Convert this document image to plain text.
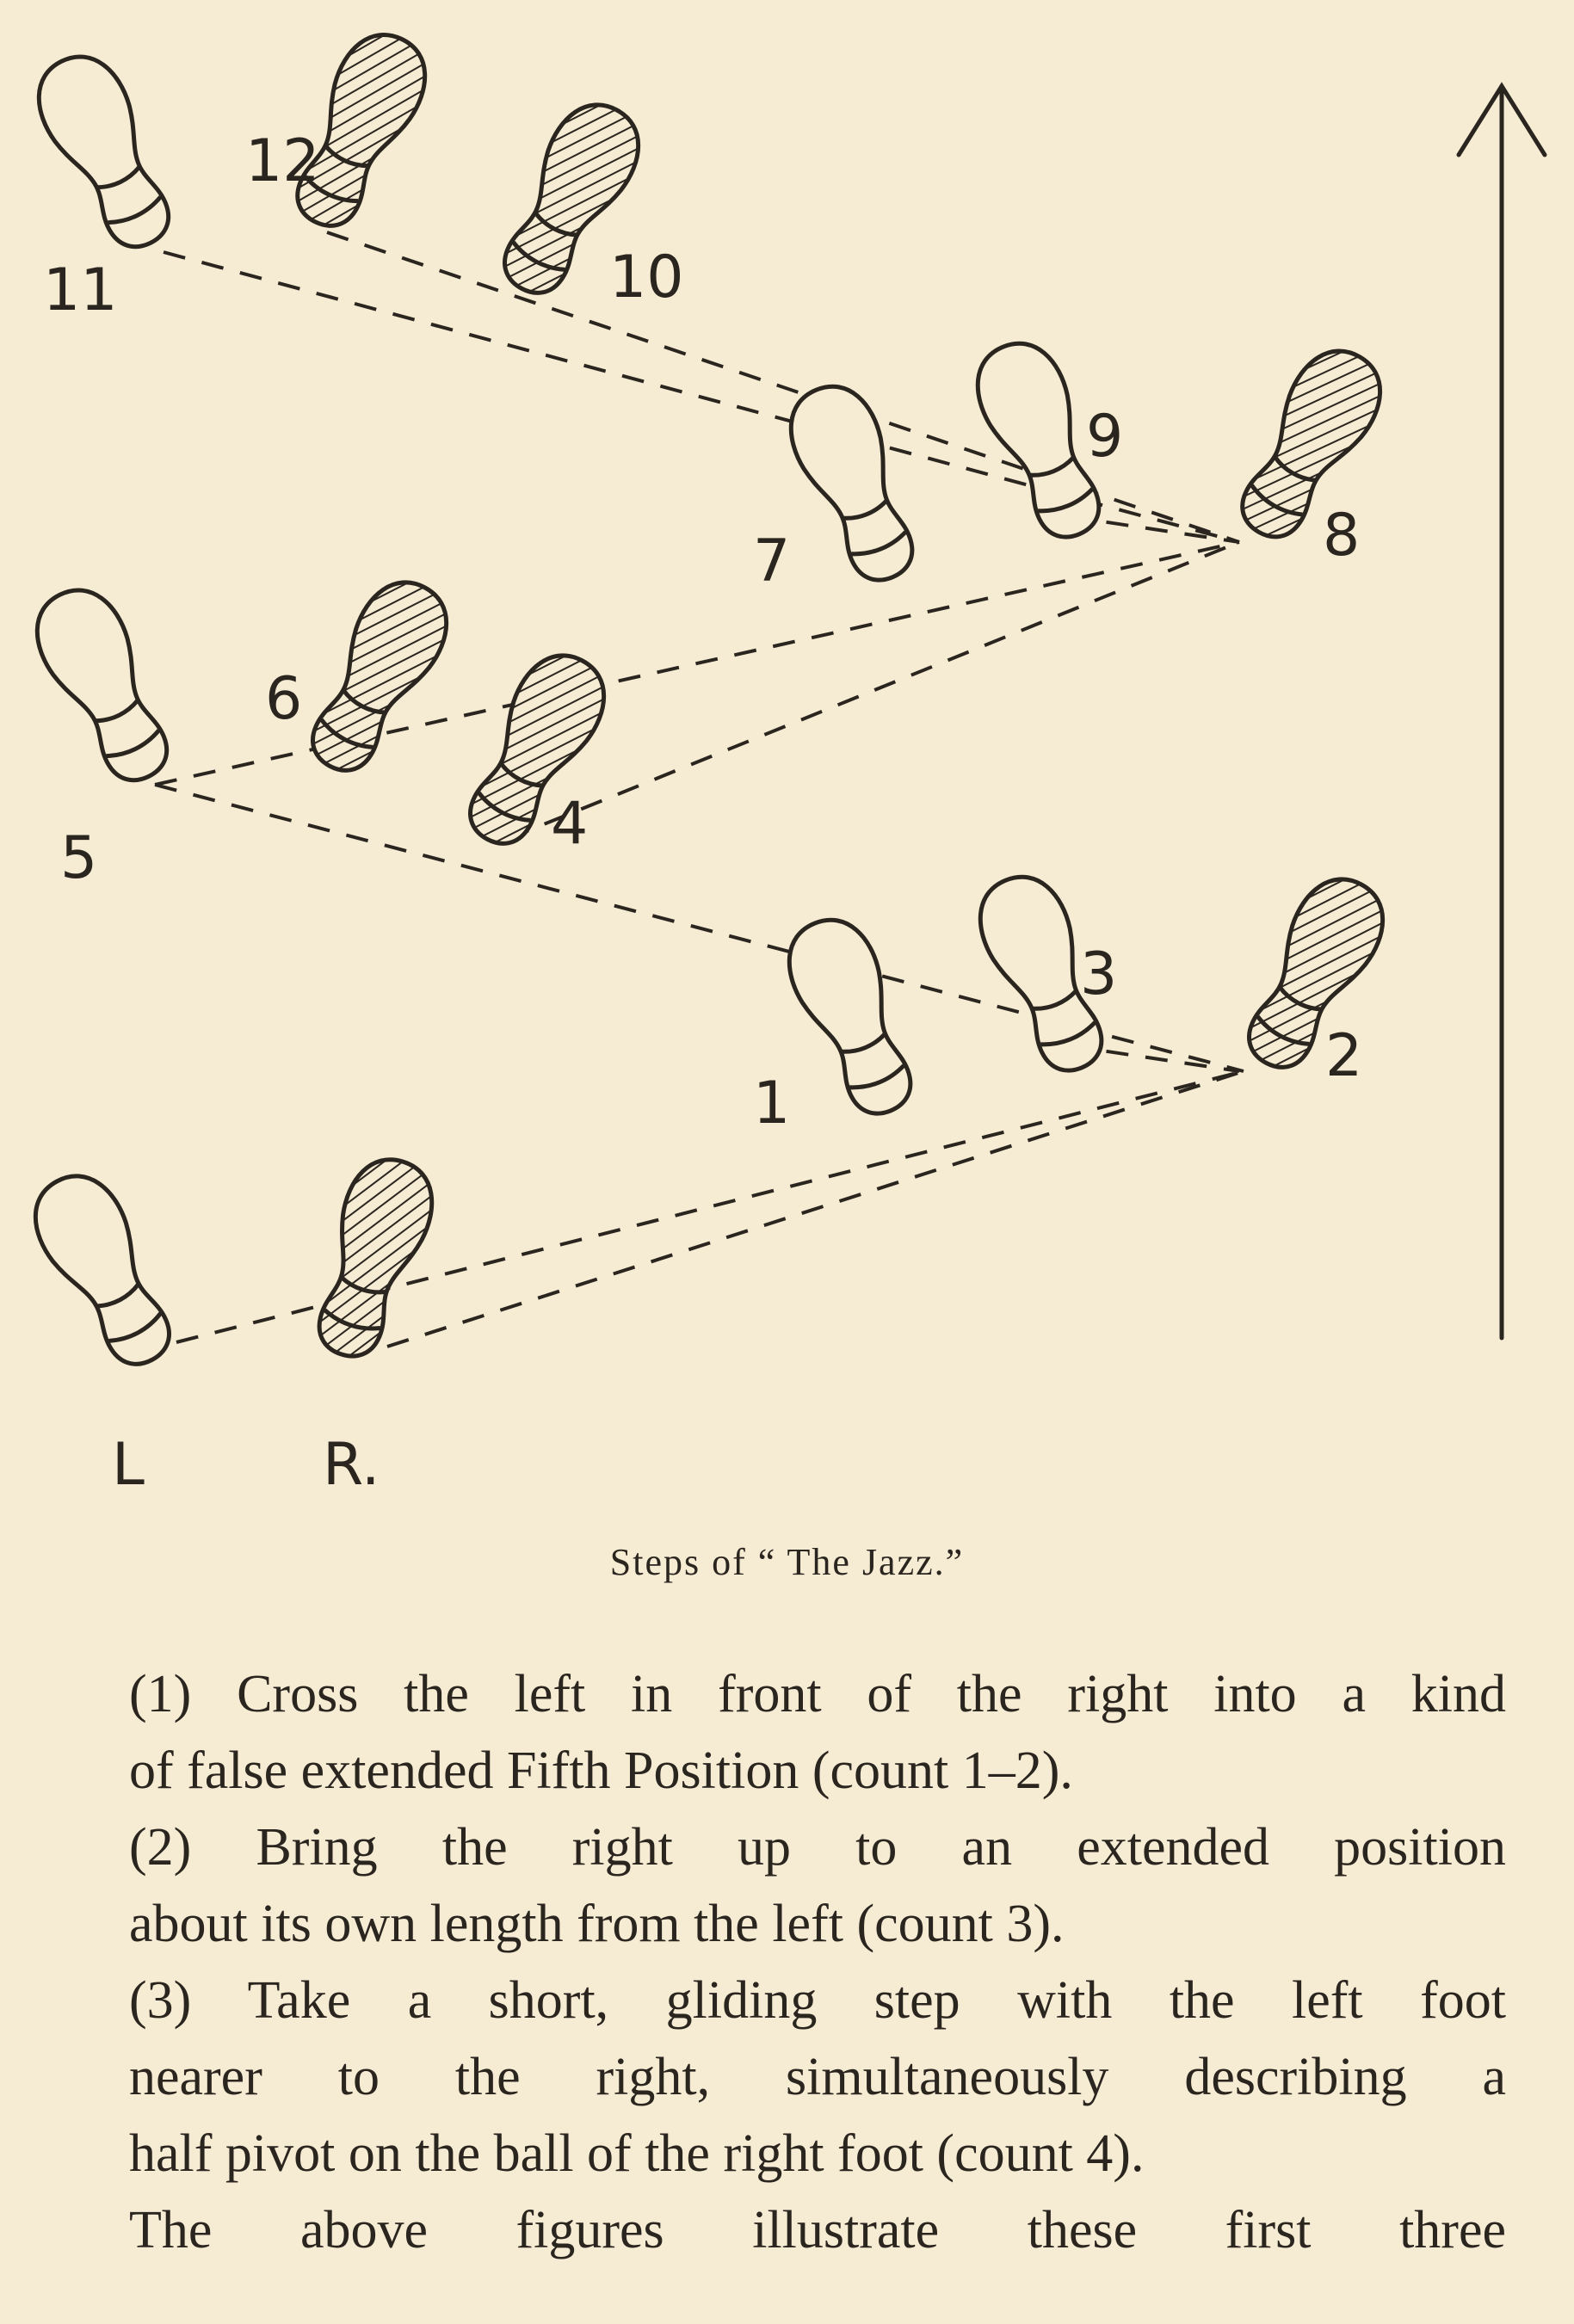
L	R.
1
2
3
4
5
6
7	8
9
10
11
12
Steps of “ The Jazz.”

(1) Cross the left in front of the right into a kind
of false extended Fifth Position (count 1–2).

(2) Bring the right up to an extended position
about its own length from the left (count 3).

(3) Take a short, gliding step with the left foot
nearer to the right, simultaneously describing a
half pivot on the ball of the right foot (count 4).

The above figures illustrate these first three
